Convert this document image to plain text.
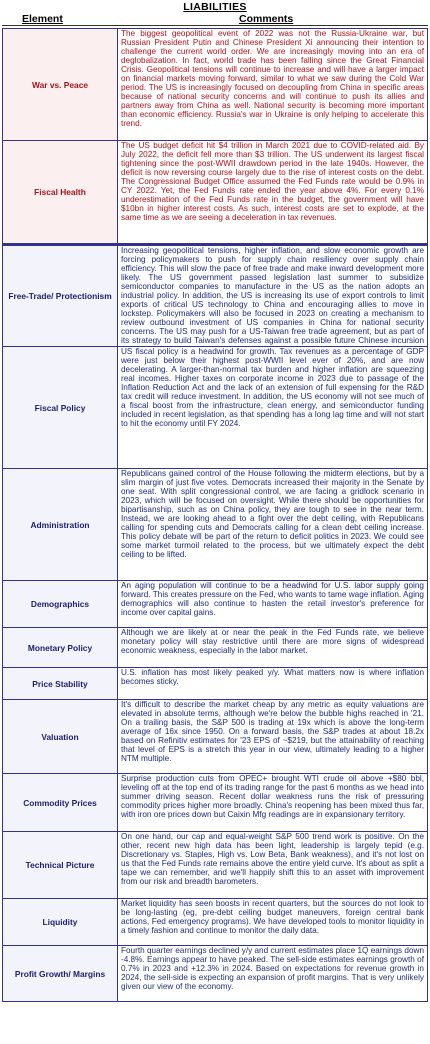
LIABILITIES
Element	Comments
War vs. Peace
The biggest geopolitical event of 2022 was not the Russia-Ukraine war, but Russian President Putin and Chinese President Xi announcing their intention to challenge the current world order. We are increasingly moving into an era of deglobalization. In fact, world trade has been falling since the Great Financial Crisis. Geopolitical tensions will continue to increase and will have a larger impact on financial markets moving forward, similar to what we saw during the Cold War period. The US is increasingly focused on decoupling from China in specific areas because of national security concerns and will continue to push its allies and partners away from China as well. National security is becoming more important than economic efficiency. Russia's war in Ukraine is only helping to accelerate this trend.
Fiscal Health
The US budget deficit hit $4 trillion in March 2021 due to COVID-related aid. By July 2022, the deficit fell more than $3 trillion. The US underwent its largest fiscal tightening since the post-WWII drawdown period in the late 1940s. However, the deficit is now reversing course largely due to the rise of interest costs on the debt. The Congressional Budget Office assumed the Fed Funds rate would be 0.9% in CY 2022. Yet, the Fed Funds rate ended the year above 4%. For every 0.1% underestimation of the Fed Funds rate in the budget, the government will have $10bn in higher interest costs. As such, interest costs are set to explode, at the same time as we are seeing a deceleration in tax revenues.
Free-Trade/ Protectionism
Increasing geopolitical tensions, higher inflation, and slow economic growth are forcing policymakers to push for supply chain resiliency over supply chain efficiency. This will slow the pace of free trade and make inward development more likely. The US government passed legislation last summer to subsidize semiconductor companies to manufacture in the US as the nation adopts an industrial policy. In addition, the US is increasing its use of export controls to limit exports of critical US technology to China and encouraging allies to move in lockstep. Policymakers will also be focused in 2023 on creating a mechanism to review outbound investment of US companies in China for national security concerns. The US may push for a US-Taiwan free trade agreement, but as part of its strategy to build Taiwan's defenses against a possible future Chinese incursion
Fiscal Policy
US fiscal policy is a headwind for growth. Tax revenues as a percentage of GDP were just below their highest post-WWII level ever of 20%, and are now decelerating. A larger-than-normal tax burden and higher inflation are squeezing real incomes. Higher taxes on corporate income in 2023 due to passage of the Inflation Reduction Act and the lack of an extension of full expensing for the R&D tax credit will reduce investment. In addition, the US economy will not see much of a fiscal boost from the infrastructure, clean energy, and semiconductor funding included in recent legislation, as that spending has a long lag time and will not start to hit the economy until FY 2024.
Administration
Republicans gained control of the House following the midterm elections, but by a slim margin of just five votes. Democrats increased their majority in the Senate by one seat. With split congressional control, we are facing a gridlock scenario in 2023, which will be focused on oversight. While there should be opportunities for bipartisanship, such as on China policy, they are tough to see in the near term. Instead, we are looking ahead to a fight over the debt ceiling, with Republicans calling for spending cuts and Democrats calling for a clean debt ceiling increase. This policy debate will be part of the return to deficit politics in 2023. We could see some market turmoil related to the process, but we ultimately expect the debt ceiling to be lifted.
Demographics
An aging population will continue to be a headwind for U.S. labor supply going forward. This creates pressure on the Fed, who wants to tame wage inflation. Aging demographics will also continue to hasten the retail investor's preference for income over capital gains.
Monetary Policy
Although we are likely at or near the peak in the Fed Funds rate, we believe monetary policy will stay restrictive until there are more signs of widespread economic weakness, especially in the labor market.
Price Stability
U.S. inflation has most likely peaked y/y. What matters now is where inflation becomes sticky.
Valuation
It's difficult to describe the market cheap by any metric as equity valuations are elevated in absolute terms, although we're below the bubble highs reached in '21. On a trailing basis, the S&P 500 is trading at 19x which is above the long-term average of 16x since 1950. On a forward basis, the S&P trades at about 18.2x based on Refinitiv estimates for '23 EPS of ~$219, but the attainability of reaching that level of EPS is a stretch this year in our view, ultimately leading to a higher NTM multiple.
Commodity Prices
Surprise production cuts from OPEC+ brought WTI crude oil above +$80 bbl, leveling off at the top end of its trading range for the past 6 months as we head into summer driving season. Recent dollar weakness runs the risk of pressuring commodity prices higher more broadly. China's reopening has been mixed thus far, with iron ore prices down but Caixin Mfg readings are in expansionary territory.
Technical Picture
On one hand, our cap and equal-weight S&P 500 trend work is positive. On the other, recent new high data has been light, leadership is largely tepid (e.g. Discretionary vs. Staples, High vs. Low Beta, Bank weakness), and it's not lost on us that the Fed Funds rate remains above the entire yield curve. It's about as split a tape we can remember, and we'll happily shift this to an asset with improvement from our risk and breadth barometers.
Liquidity
Market liquidity has seen boosts in recent quarters, but the sources do not look to be long-lasting (eg, pre-debt ceiling budget maneuvers, foreign central bank actions, Fed emergency programs). We have developed tools to monitor liquidity in a timely fashion and continue to monitor the daily data.
Profit Growth/ Margins
Fourth quarter earnings declined y/y and current estimates place 1Q earnings down -4.8%. Earnings appear to have peaked. The sell-side estimates earnings growth of 0.7% in 2023 and +12.3% in 2024. Based on expectations for revenue growth in 2024, the sell-side is expecting an expansion of profit margins. That is very unlikely given our view of the economy.
